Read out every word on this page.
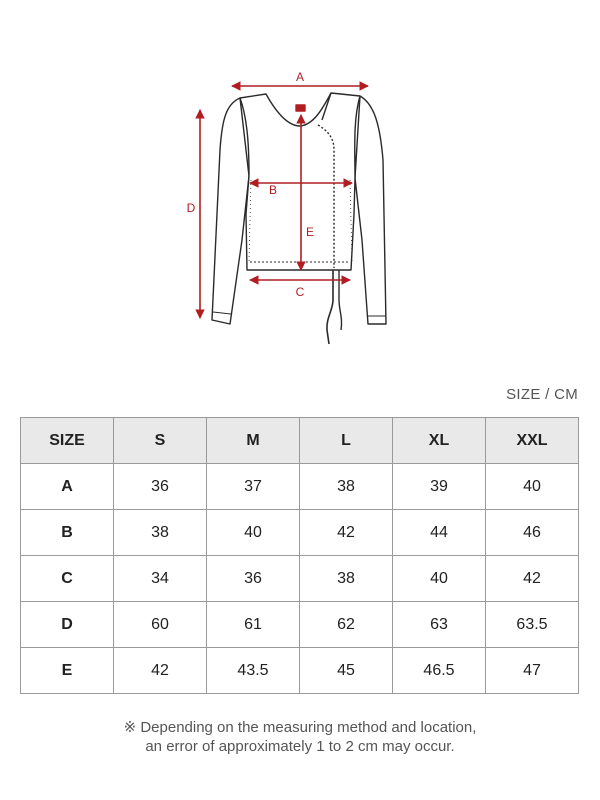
A
B
C
D
E
SIZE / CM
SIZE	S	M	L	XL	XXL
A	36	37	38	39	40
B	38	40	42	44	46
C	34	36	38	40	42
D	60	61	62	63	63.5
E	42	43.5	45	46.5	47
※ Depending on the measuring method and location,
an error of approximately 1 to 2 cm may occur.
